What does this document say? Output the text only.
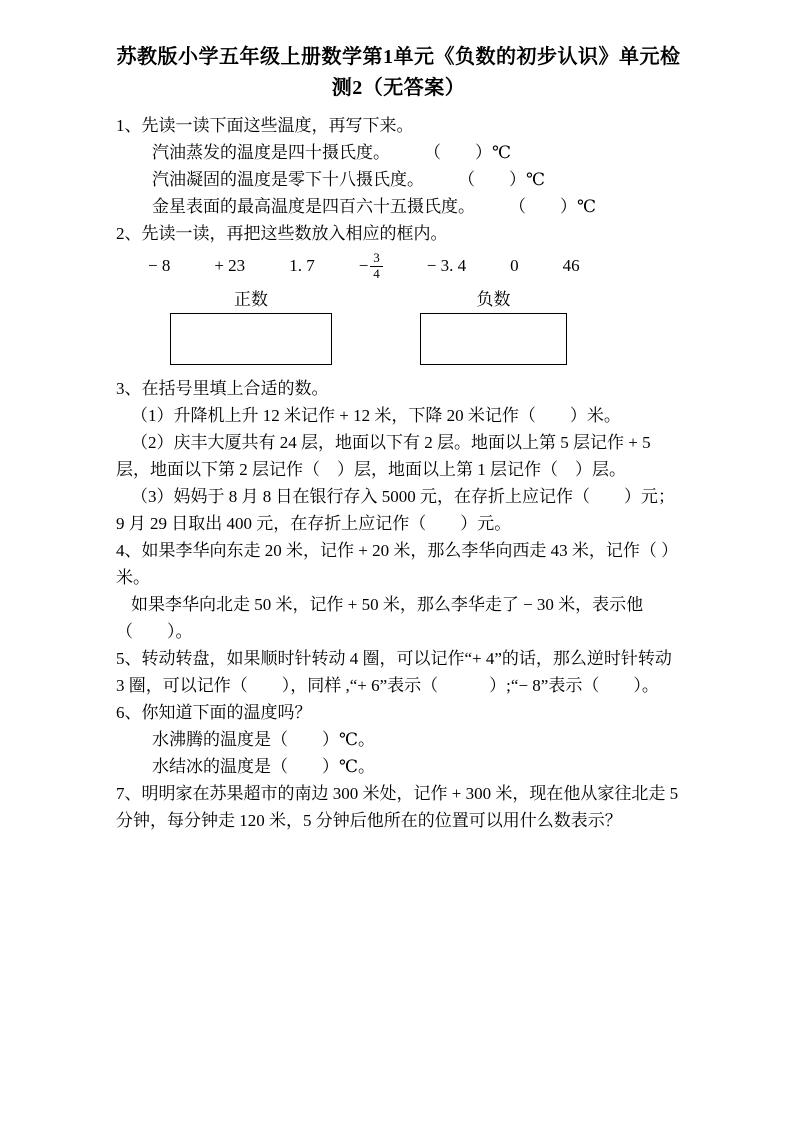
苏教版小学五年级上册数学第1单元《负数的初步认识》单元检测2（无答案）

1、先读一读下面这些温度，再写下来。

汽油蒸发的温度是四十摄氏度。　　　（　　）℃

汽油凝固的温度是零下十八摄氏度。　　　（　　）℃

金星表面的最高温度是四百六十五摄氏度。　　　（　　）℃

2、先读一读，再把这些数放入相应的框内。

− 8	+ 23	1. 7	− $\frac{3}{4}$	− 3. 4	0	46
正数	负数

3、在括号里填上合适的数。

（1）升降机上升 12 米记作 + 12 米，下降 20 米记作（　　）米。

（2）庆丰大厦共有 24 层，地面以下有 2 层。地面以上第 5 层记作 + 5 层，地面以下第 2 层记作（　）层，地面以上第 1 层记作（　）层。

（3）妈妈于 8 月 8 日在银行存入 5000 元，在存折上应记作（　　）元；9 月 29 日取出 400 元，在存折上应记作（　　）元。

4、如果李华向东走 20 米，记作 + 20 米，那么李华向西走 43 米，记作（ ）米。

如果李华向北走 50 米，记作 + 50 米，那么李华走了 − 30 米，表示他（　　）。

5、转动转盘，如果顺时针转动 4 圈，可以记作“+ 4”的话，那么逆时针转动 3 圈，可以记作（　　），同样 ,“+ 6”表示（　　　）;“− 8”表示（　　）。

6、你知道下面的温度吗？

水沸腾的温度是（　　）℃。

水结冰的温度是（　　）℃。

7、明明家在苏果超市的南边 300 米处，记作 + 300 米，现在他从家往北走 5 分钟，每分钟走 120 米，5 分钟后他所在的位置可以用什么数表示？
